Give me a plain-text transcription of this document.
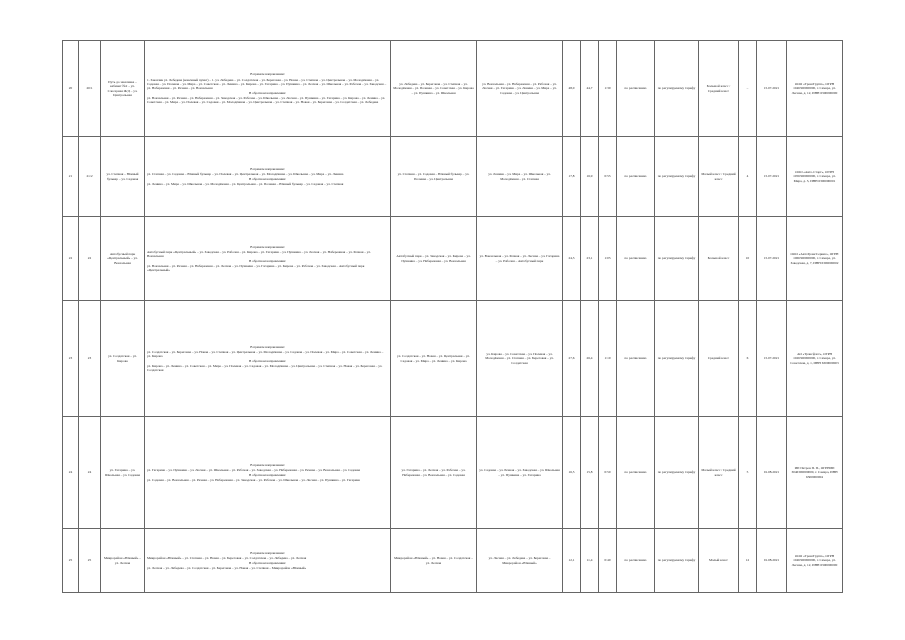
20	20/1	Путь до заказчика – кабинет №2 – ул. Слесарная Ж/Д – ул. Центральная	В прямом направлении:
1. Заказчик ул. Лебедева (конечный пункт) – 1. ул. Лебедева – ул. Солдатская – ул. Береговая – ул. Новая – ул. Степная – ул. Центральная – ул. Молодёжная – ул. Садовая – ул. Полевая – ул. Мира – ул. Советская – ул. Ленина – ул. Кирова – ул. Гагарина – ул. Пушкина – ул. Лесная – ул. Школьная – ул. Рабочая – ул. Заводская – ул. Набережная – ул. Речная – ул. Вокзальная
В обратном направлении:
ул. Вокзальная – ул. Речная – ул. Набережная – ул. Заводская – ул. Рабочая – ул. Школьная – ул. Лесная – ул. Пушкина – ул. Гагарина – ул. Кирова – ул. Ленина – ул. Советская – ул. Мира – ул. Полевая – ул. Садовая – ул. Молодёжная – ул. Центральная – ул. Степная – ул. Новая – ул. Береговая – ул. Солдатская – ул. Лебедева	ул. Лебедева – ул. Береговая – ул. Степная – ул. Молодёжная – ул. Полевая – ул. Советская – ул. Кирова – ул. Пушкина – ул. Школьная	ул. Вокзальная – ул. Набережная – ул. Рабочая – ул. Лесная – ул. Гагарина – ул. Ленина – ул. Мира – ул. Садовая – ул. Центральная	48,0	44,7	1:30	по расписанию	по регулируемому тарифу	Большой класс / Средний класс	–	15.07.2021	ООО «ТрансГрупп», ОГРН 1046300000000, г. Самара, ул. Лесная, д. 12, ИНН 6300000000
21	21/2	ул. Степная – Южный бульвар – ул. Садовая	В прямом направлении:
ул. Степная – ул. Садовая – Южный бульвар – ул. Полевая – ул. Центральная – ул. Молодёжная – ул. Школьная – ул. Мира – ул. Ленина
В обратном направлении:
ул. Ленина – ул. Мира – ул. Школьная – ул. Молодёжная – ул. Центральная – ул. Полевая – Южный бульвар – ул. Садовая – ул. Степная	ул. Степная – ул. Садовая – Южный бульвар – ул. Полевая – ул. Центральная	ул. Ленина – ул. Мира – ул. Школьная – ул. Молодёжная – ул. Степная	17,8	16,9	0:55	по расписанию	по регулируемому тарифу	Малый класс / Средний класс	4	15.07.2021	ООО «Авто-Старт», ОГРН 1056300000000, г. Самара, ул. Мира, д. 3, ИНН 6300000001
22	22	Автобусный парк «Центральный» – ул. Вокзальная	В прямом направлении:
Автобусный парк «Центральный» – ул. Заводская – ул. Рабочая – ул. Кирова – ул. Гагарина – ул. Пушкина – ул. Лесная – ул. Набережная – ул. Речная – ул. Вокзальная
В обратном направлении:
ул. Вокзальная – ул. Речная – ул. Набережная – ул. Лесная – ул. Пушкина – ул. Гагарина – ул. Кирова – ул. Рабочая – ул. Заводская – Автобусный парк «Центральный»	Автобусный парк – ул. Заводская – ул. Кирова – ул. Пушкина – ул. Набережная – ул. Вокзальная	ул. Вокзальная – ул. Речная – ул. Лесная – ул. Гагарина – ул. Рабочая – Автобусный парк	24,3	23,1	1:05	по расписанию	по регулируемому тарифу	Большой класс	10	15.07.2021	ООО «АвтоТрансСервис», ОГРН 1066300000000, г. Самара, ул. Заводская, д. 7, ИНН 6300000002
23	23	ул. Солдатская – ул. Кирова	В прямом направлении:
ул. Солдатская – ул. Береговая – ул. Новая – ул. Степная – ул. Центральная – ул. Молодёжная – ул. Садовая – ул. Полевая – ул. Мира – ул. Советская – ул. Ленина – ул. Кирова
В обратном направлении:
ул. Кирова – ул. Ленина – ул. Советская – ул. Мира – ул. Полевая – ул. Садовая – ул. Молодёжная – ул. Центральная – ул. Степная – ул. Новая – ул. Береговая – ул. Солдатская	ул. Солдатская – ул. Новая – ул. Центральная – ул. Садовая – ул. Мира – ул. Ленина – ул. Кирова	ул. Кирова – ул. Советская – ул. Полевая – ул. Молодёжная – ул. Степная – ул. Береговая – ул. Солдатская	27,6	26,4	1:10	по расписанию	по регулируемому тарифу	Средний класс	6	15.07.2021	АО «Трансфлот», ОГРН 1026300000000, г. Самара, ул. Советская, д. 1, ИНН 6300000003
24	24	ул. Гагарина – ул. Школьная – ул. Садовая	В прямом направлении:
ул. Гагарина – ул. Пушкина – ул. Лесная – ул. Школьная – ул. Рабочая – ул. Заводская – ул. Набережная – ул. Речная – ул. Вокзальная – ул. Садовая
В обратном направлении:
ул. Садовая – ул. Вокзальная – ул. Речная – ул. Набережная – ул. Заводская – ул. Рабочая – ул. Школьная – ул. Лесная – ул. Пушкина – ул. Гагарина	ул. Гагарина – ул. Лесная – ул. Рабочая – ул. Набережная – ул. Вокзальная – ул. Садовая	ул. Садовая – ул. Речная – ул. Заводская – ул. Школьная – ул. Пушкина – ул. Гагарина	16,5	15,8	0:50	по расписанию	по регулируемому тарифу	Малый класс / Средний класс	5	01.08.2021	ИП Петров П. П., ОГРНИП 3046300000000, г. Самара, ИНН 6300000004
25	25	Микрорайон «Южный» – ул. Лесная	В прямом направлении:
Микрорайон «Южный» – ул. Степная – ул. Новая – ул. Береговая – ул. Солдатская – ул. Лебедева – ул. Лесная
В обратном направлении:
ул. Лесная – ул. Лебедева – ул. Солдатская – ул. Береговая – ул. Новая – ул. Степная – Микрорайон «Южный»	Микрорайон «Южный» – ул. Новая – ул. Солдатская – ул. Лесная	ул. Лесная – ул. Лебедева – ул. Береговая – Микрорайон «Южный»	12,1	11,4	0:40	по расписанию	по регулируемому тарифу	Малый класс	12	01.08.2021	ООО «ТрансГрупп», ОГРН 1046300000000, г. Самара, ул. Лесная, д. 12, ИНН 6300000000
